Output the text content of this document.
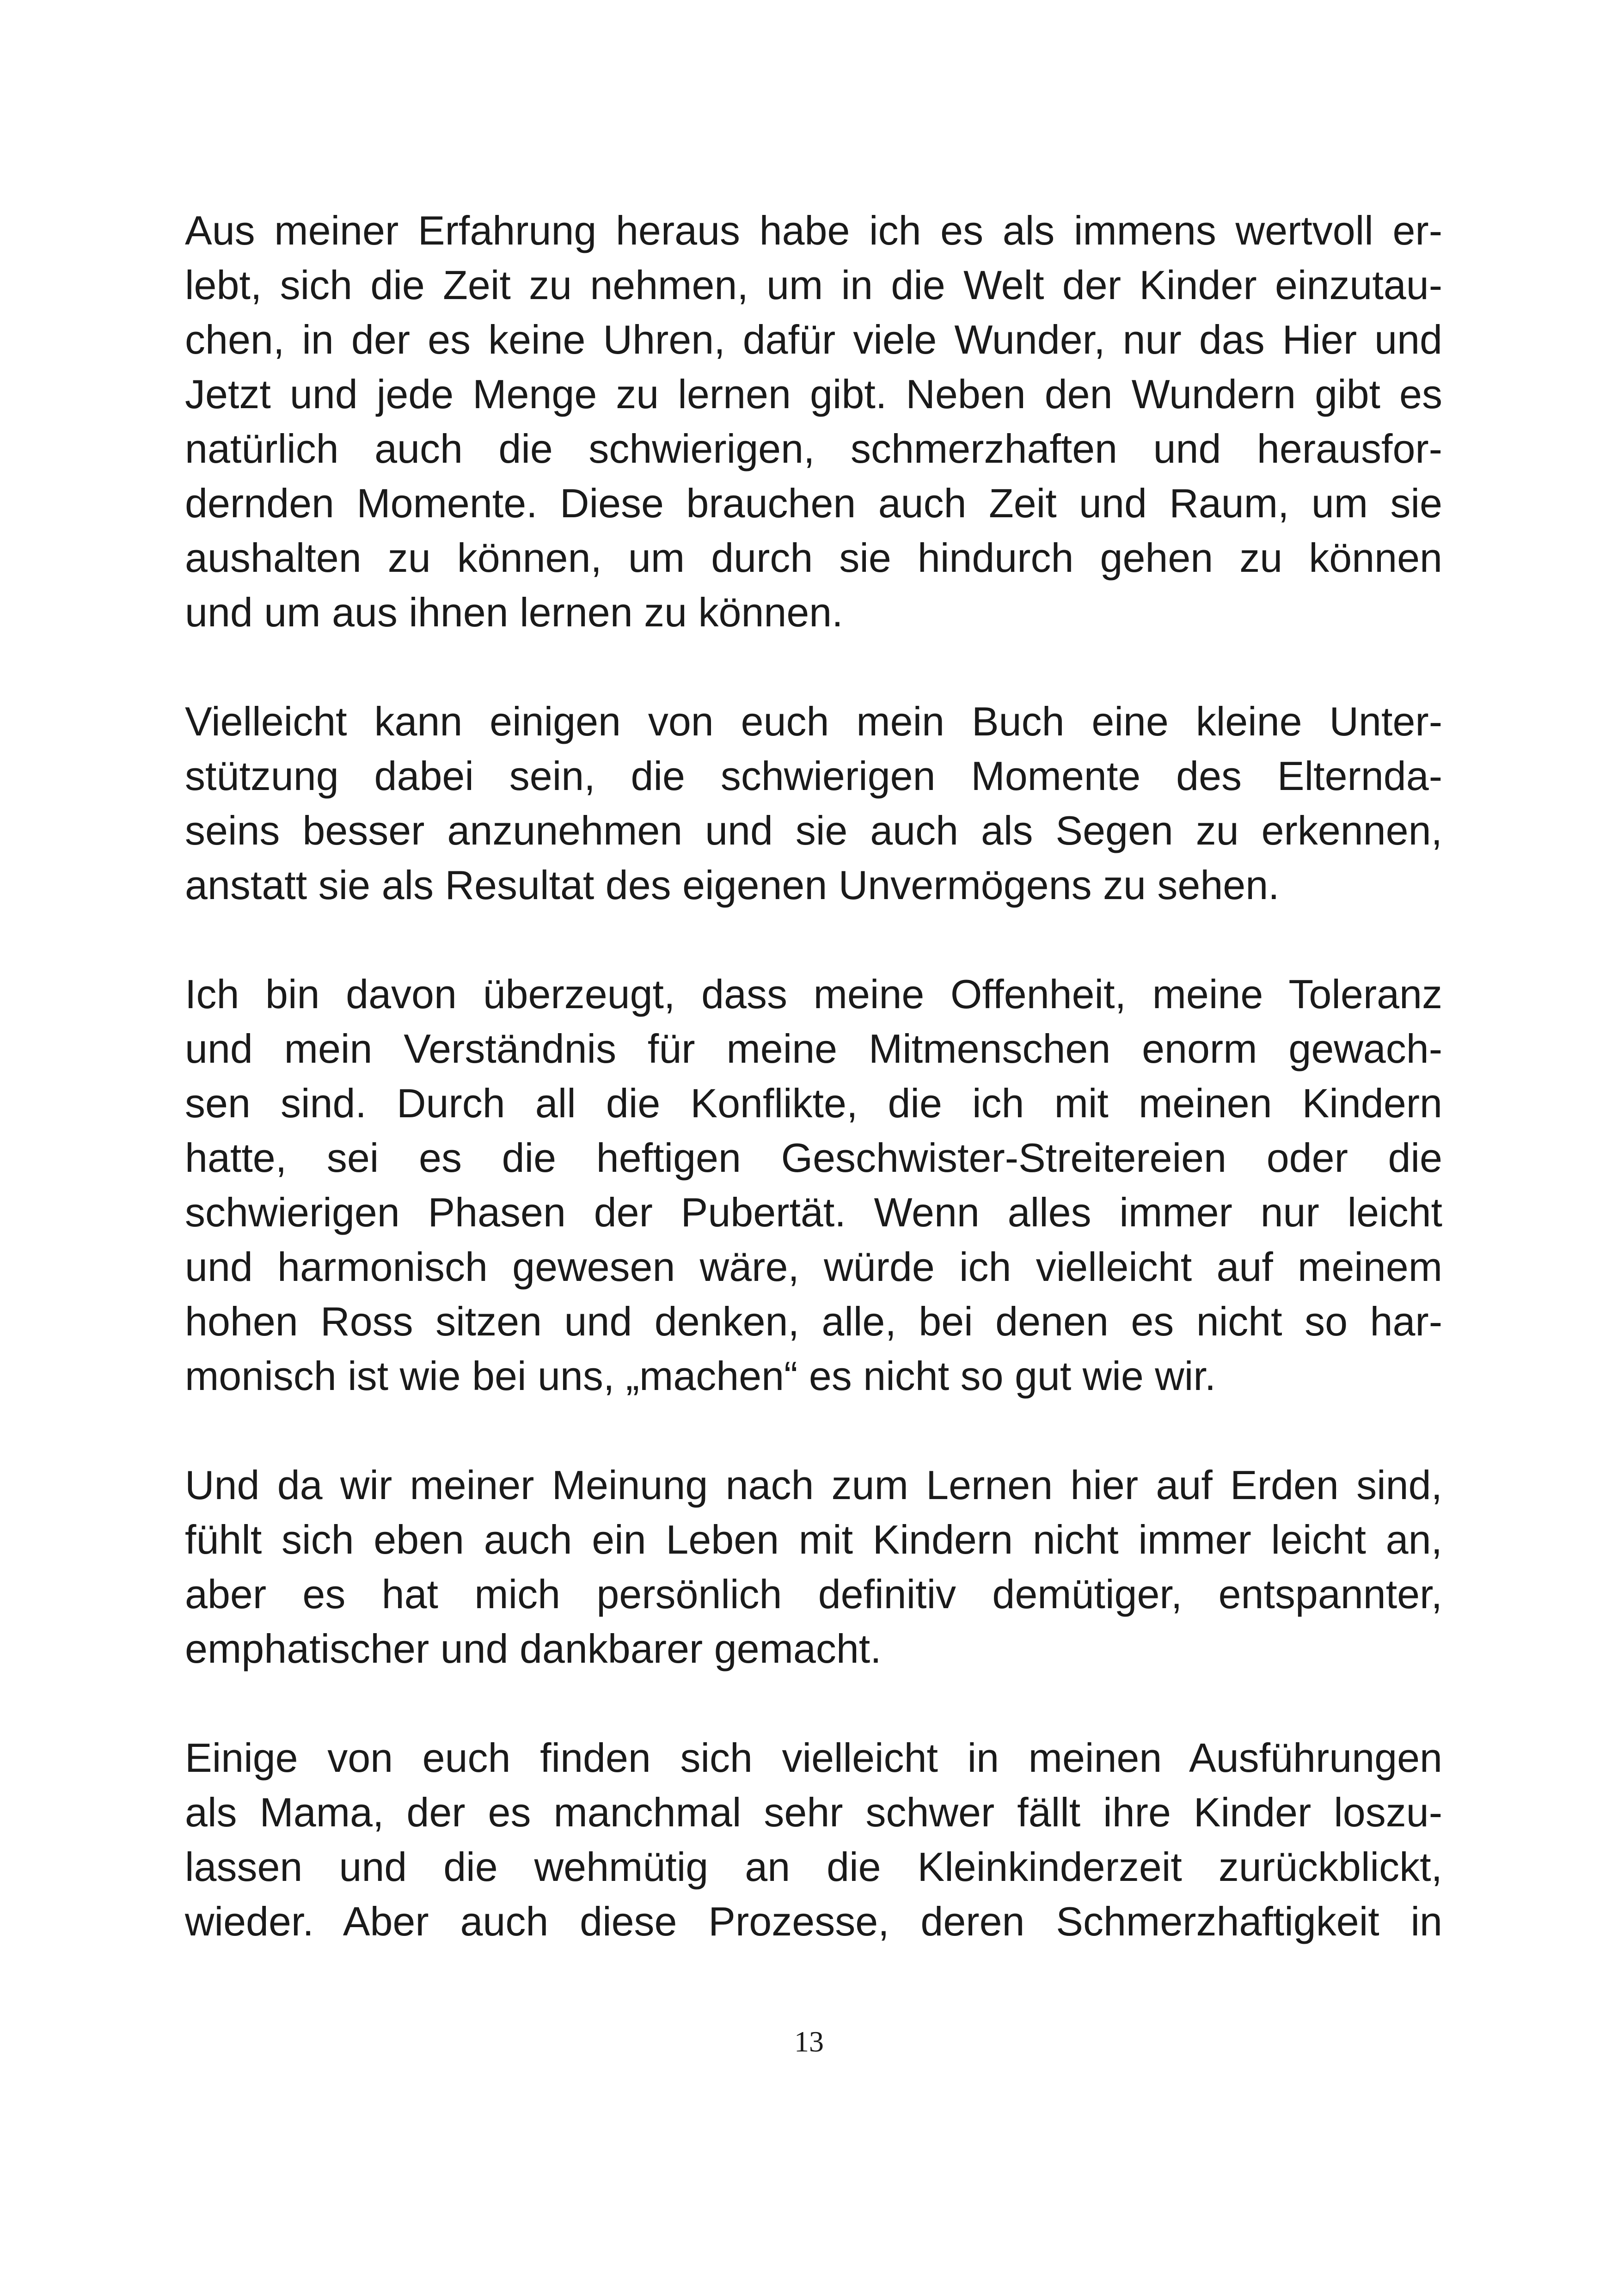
Aus meiner Erfahrung heraus habe ich es als immens wertvoll er-
lebt, sich die Zeit zu nehmen, um in die Welt der Kinder einzutau-
chen, in der es keine Uhren, dafür viele Wunder, nur das Hier und
Jetzt und jede Menge zu lernen gibt. Neben den Wundern gibt es
natürlich auch die schwierigen, schmerzhaften und herausfor-
dernden Momente. Diese brauchen auch Zeit und Raum, um sie
aushalten zu können, um durch sie hindurch gehen zu können
und um aus ihnen lernen zu können.
Vielleicht kann einigen von euch mein Buch eine kleine Unter-
stützung dabei sein, die schwierigen Momente des Elternda-
seins besser anzunehmen und sie auch als Segen zu erkennen,
anstatt sie als Resultat des eigenen Unvermögens zu sehen.
Ich bin davon überzeugt, dass meine Offenheit, meine Toleranz
und mein Verständnis für meine Mitmenschen enorm gewach-
sen sind. Durch all die Konflikte, die ich mit meinen Kindern
hatte, sei es die heftigen Geschwister-Streitereien oder die
schwierigen Phasen der Pubertät. Wenn alles immer nur leicht
und harmonisch gewesen wäre, würde ich vielleicht auf meinem
hohen Ross sitzen und denken, alle, bei denen es nicht so har-
monisch ist wie bei uns, „machen“ es nicht so gut wie wir.
Und da wir meiner Meinung nach zum Lernen hier auf Erden sind,
fühlt sich eben auch ein Leben mit Kindern nicht immer leicht an,
aber es hat mich persönlich definitiv demütiger, entspannter,
emphatischer und dankbarer gemacht.
Einige von euch finden sich vielleicht in meinen Ausführungen
als Mama, der es manchmal sehr schwer fällt ihre Kinder loszu-
lassen und die wehmütig an die Kleinkinderzeit zurückblickt,
wieder. Aber auch diese Prozesse, deren Schmerzhaftigkeit in
13
